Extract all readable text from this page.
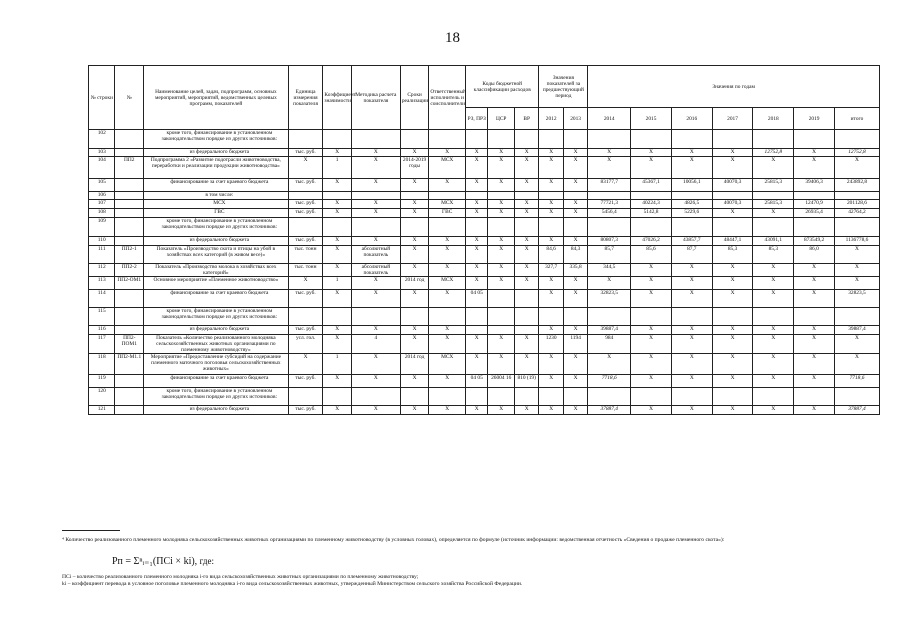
18
№ строки	№	Наименование целей, задач, подпрограмм, основных мероприятий, мероприятий, ведомственных целевых программ, показателей	Единица измерения показателя	Коэффициент значимости	Методика расчета показателя	Сроки реализации	Ответственный исполнитель и соисполнители	Коды бюджетной классификации расходов			Значения показателей за предшествующий период		Значения по годам						
								РЗ, ПРЗ	ЦСР	ВР	2012	2013	2014	2015	2016	2017	2018	2019	итого
102		кроме того, финансирование в установленном законодательством порядке из других источников:																	
103		из федерального бюджета	тыс. руб.	X	X	X	X	X	X	X	X	X	X	X	X	X	12752,8	X	12752,8
104	ПП2	Подпрограмма 2 «Развитие подотрасли животноводства, переработки и реализации продукции животноводства»	X	1	X	2014-2019 годы	МСХ	X	X	X	X	X	X	X	X	X	X	X	X
105		финансирование за счет краевого бюджета	тыс. руб.	X	X	X	X	X	X	X	X	X	83177,7	45367,1	10056,1	40070,3	25815,3	39406,3	243892,8
106		в том числе:																	
107		МСХ	тыс. руб.	X	X	X	МСХ	X	X	X	X	X	77721,3	40224,3	4826,5	40070,3	25815,3	12470,9	201128,6
108		ГВС	тыс. руб.	X	X	X	ГВС	X	X	X	X	X	5456,4	5142,8	5229,6	X	X	26935,4	42764,2
109		кроме того, финансирование в установленном законодательством порядке из других источников:																	
110		из федерального бюджета	тыс. руб.	X	X	X	X	X	X	X	X	X	80807,3	47026,2	43857,7	48447,1	43091,1	873549,2	1136778,6
111	ПП2-1	Показатель «Производство скота и птицы на убой в хозяйствах всех категорий (в живом весе)»	тыс. тонн	X	абсолютный показатель	X	X	X	X	X	84,6	84,3	85,7	85,6	87,7	85,3	85,3	86,0	X
112	ПП2-2	Показатель «Производство молока в хозяйствах всех категорий»	тыс. тонн	X	абсолютный показатель	X	X	X	X	X	327,7	335,8	344,5	X	X	X	X	X	X
113	ПП2-ОМ1	Основное мероприятие «Племенное животноводство»	X	1	X	2014 год	МСХ	X	X	X	X	X	X	X	X	X	X	X	X
114		финансирование за счет краевого бюджета	тыс. руб.	X	X	X	X	04 05			X	X	32823,5	X	X	X	X	X	32823,5
115		кроме того, финансирование в установленном законодательством порядке из других источников:																	
116		из федерального бюджета	тыс. руб.	X	X	X	X				X	X	39887,4	X	X	X	X	X	39887,4
117	ПП2-ПОМ1	Показатель «Количество реализованного молодняка сельскохозяйственных животных организациями по племенному животноводству»	усл. гол.	X	4	X	X	X	X	X	1230	1194	984	X	X	X	X	X	X
118	ПП2-М1.1	Мероприятие «Предоставление субсидий на содержание племенного маточного поголовья сельскохозяйственных животных»	X	1	X	2014 год	МСХ	X	X	X	X	X	X	X	X	X	X	X	X
119		финансирование за счет краевого бюджета	тыс. руб.	X	X	X	X	04 05	26004 16	810 (19)	X	X	7718,6	X	X	X	X	X	7718,6
120		кроме того, финансирование в установленном законодательством порядке из других источников:																	
121		из федерального бюджета	тыс. руб.	X	X	X	X	X	X	X	X	X	37887,4	X	X	X	X	X	37887,4
⁴ Количество реализованного племенного молодняка сельскохозяйственных животных организациями по племенному животноводству (в условных головах), определяется по формуле (источник информации: ведомственная отчетность «Сведения о продаже племенного скота»):
Рп = Σⁿᵢ₌₁(ПСi × ki), где:
ПСi – количество реализованного племенного молодняка i-го вида сельскохозяйственных животных организациями по племенному животноводству;
ki – коэффициент перевода в условное поголовье племенного молодняка i-го вида сельскохозяйственных животных, утвержденный Министерством сельского хозяйства Российской Федерации.
